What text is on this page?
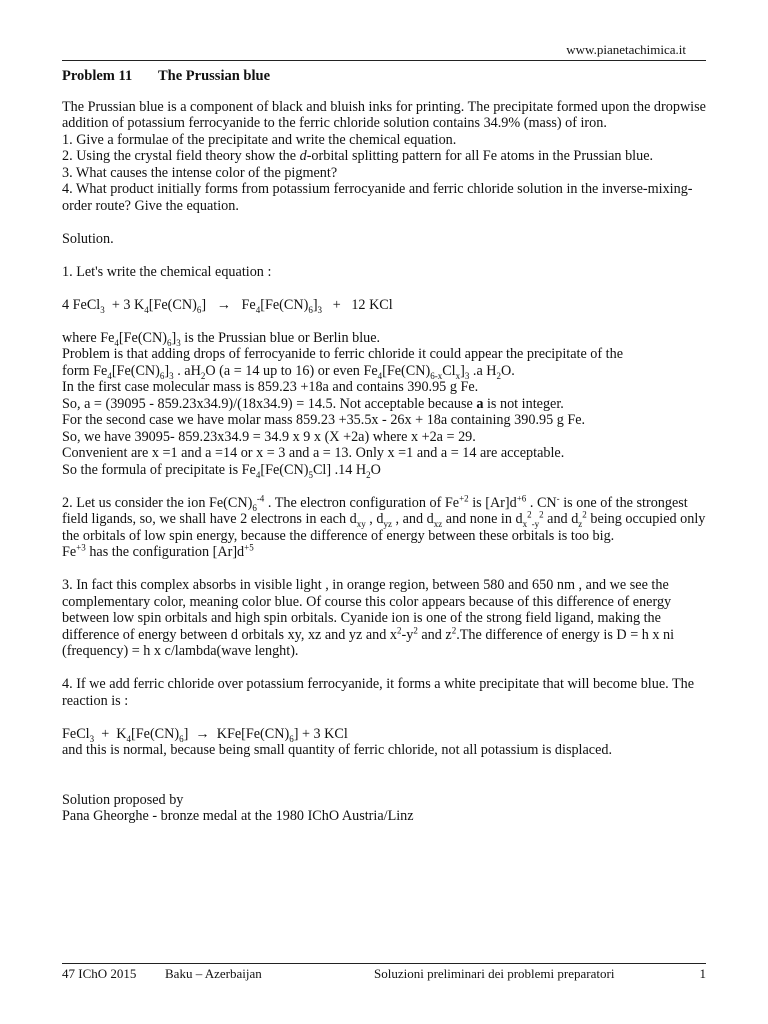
www.pianetachimica.it
Problem 11 The Prussian blue

The Prussian blue is a component of black and bluish inks for printing. The precipitate formed upon the dropwise addition of potassium ferrocyanide to the ferric chloride solution contains 34.9% (mass) of iron.

1. Give a formulae of the precipitate and write the chemical equation.

2. Using the crystal field theory show the d-orbital splitting pattern for all Fe atoms in the Prussian blue.

3. What causes the intense color of the pigment?

4. What product initially forms from potassium ferrocyanide and ferric chloride solution in the inverse-mixing-order route? Give the equation.

Solution.

1. Let's write the chemical equation :

4 FeCl$_3$  + 3 $K_4[Fe(CN)_6] \to Fe_4[Fe(CN)_6]_3 + 12$ KCl

where $Fe_4[Fe(CN)_6]_3$ is the Prussian blue or Berlin blue.

Problem is that adding drops of ferrocyanide to ferric chloride it could appear the precipitate of the

form $Fe_4[Fe(CN)_6]_3$ . $aH_2O$ (a = 14 up to 16) or even $Fe_4[Fe(CN)_{6-x}Cl_x]_3$ .a $H_2O$.

In the first case molecular mass is 859.23 +18a and contains 390.95 g Fe.

So, a = (39095 - 859.23x34.9)/(18x34.9) = 14.5. Not acceptable because a is not integer.

For the second case we have molar mass 859.23 +35.5x - 26x + 18a containing 390.95 g Fe.

So, we have 39095- 859.23x34.9 = 34.9 x 9 x (X +2a) where x +2a = 29.

Convenient are x =1 and a =14 or x = 3 and a = 13. Only x =1 and a = 14 are acceptable.

So the formula of precipitate is $Fe_4[Fe(CN)_5Cl]$ .14 $H_2O$

2. Let us consider the ion $Fe(CN)_6^{-4}$ . The electron configuration of $Fe^{+2}$ is $[Ar]d^{+6}$ . CN- is one of the strongest field ligands, so, we shall have 2 electrons in each $d_{xy}$ , $d_{yz}$ , and $d_{xz}$ and none in $d_x^2_{-y}^2$ and $d_z^2$ being occupied only the orbitals of low spin energy, because the difference of energy between these orbitals is too big.

$Fe^{+3}$ has the configuration $[Ar]d^{+5}$

3. In fact this complex absorbs in visible light , in orange region, between 580 and 650 nm , and we see the complementary color, meaning color blue. Of course this color appears because of this difference of energy between low spin orbitals and high spin orbitals. Cyanide ion is one of the strong field ligand, making the difference of energy between d orbitals xy, xz and yz and $x^2-y^2$ and $z^2.The$ difference of energy is D = h x ni (frequency) = h x c/lambda(wave lenght).

4. If we add ferric chloride over potassium ferrocyanide, it forms a white precipitate that will become blue. The reaction is :

FeCl$_3$  +  $K_4[Fe(CN)_6] \to KFe[Fe(CN)_6] + 3$ KCl

and this is normal, because being small quantity of ferric chloride, not all potassium is displaced.

Solution proposed by

Pana Gheorghe - bronze medal at the 1980 IChO Austria/Linz

47 IChO 2015 Baku – Azerbaijan	Soluzioni preliminari dei problemi preparatori	1
